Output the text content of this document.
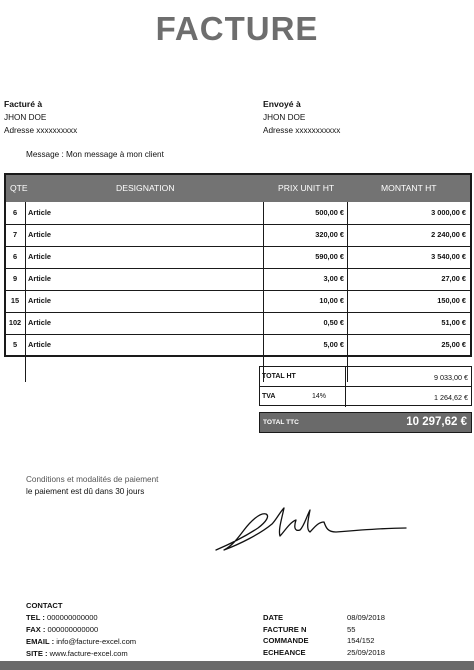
FACTURE
Facturé à
JHON DOE
Adresse xxxxxxxxxx
Envoyé à
JHON DOE
Adresse xxxxxxxxxxx
Message : Mon message à mon client
QTE	DESIGNATION	PRIX UNIT HT	MONTANT HT
6	Article	500,00 €	3 000,00 €
7	Article	320,00 €	2 240,00 €
6	Article	590,00 €	3 540,00 €
9	Article	3,00 €	27,00 €
15	Article	10,00 €	150,00 €
102 Article	0,50 €	51,00 €
5	Article	5,00 €	25,00 €
TOTAL HT	9 033,00 €
TVA	14%	1 264,62 €
TOTAL TTC	10 297,62 €
Conditions et modalités de paiement
le paiement est dû dans 30 jours
CONTACT
TEL : 000000000000
FAX : 000000000000
EMAIL : info@facture-excel.com
SITE : www.facture-excel.com
DATE	08/09/2018
FACTURE N	55
COMMANDE	154/152
ECHEANCE	25/09/2018
